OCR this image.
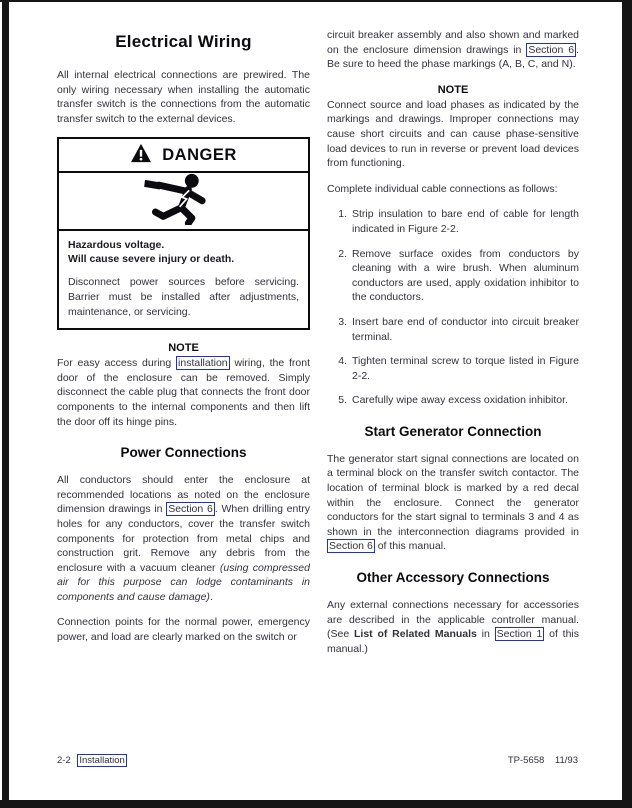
Electrical Wiring

All internal electrical connections are prewired. The only wiring necessary when installing the automatic transfer switch is the connections from the automatic transfer switch to the external devices.

DANGER
Hazardous voltage.
Will cause severe injury or death.
Disconnect power sources before servicing. Barrier must be installed after adjustments, maintenance, or servicing.
NOTE

For easy access during installation wiring, the front door of the enclosure can be removed. Simply disconnect the cable plug that connects the front door components to the internal components and then lift the door off its hinge pins.

Power Connections

All conductors should enter the enclosure at recommended locations as noted on the enclosure dimension drawings in Section 6 . When drilling entry holes for any conductors, cover the transfer switch components for protection from metal chips and construction grit. Remove any debris from the enclosure with a vacuum cleaner (using compressed air for this purpose can lodge contaminants in components and cause damage).

Connection points for the normal power, emergency power, and load are clearly marked on the switch or

circuit breaker assembly and also shown and marked on the enclosure dimension drawings in Section 6 . Be sure to heed the phase markings (A, B, C, and N).

NOTE

Connect source and load phases as indicated by the markings and drawings. Improper connections may cause short circuits and can cause phase-sensitive load devices to run in reverse or prevent load devices from functioning.

Complete individual cable connections as follows:

1. Strip insulation to bare end of cable for length indicated in Figure 2-2.
2. Remove surface oxides from conductors by cleaning with a wire brush. When aluminum conductors are used, apply oxidation inhibitor to the conductors.
3. Insert bare end of conductor into circuit breaker terminal.
4. Tighten terminal screw to torque listed in Figure 2-2.
5. Carefully wipe away excess oxidation inhibitor.
Start Generator Connection

The generator start signal connections are located on a terminal block on the transfer switch contactor. The location of terminal block is marked by a red decal within the enclosure. Connect the generator conductors for the start signal to terminals 3 and 4 as shown in the interconnection diagrams provided in Section 6 of this manual.

Other Accessory Connections

Any external connections necessary for accessories are described in the applicable controller manual. (See List of Related Manuals in Section 1 of this manual.)

2-2 Installation	TP-5658 11/93
